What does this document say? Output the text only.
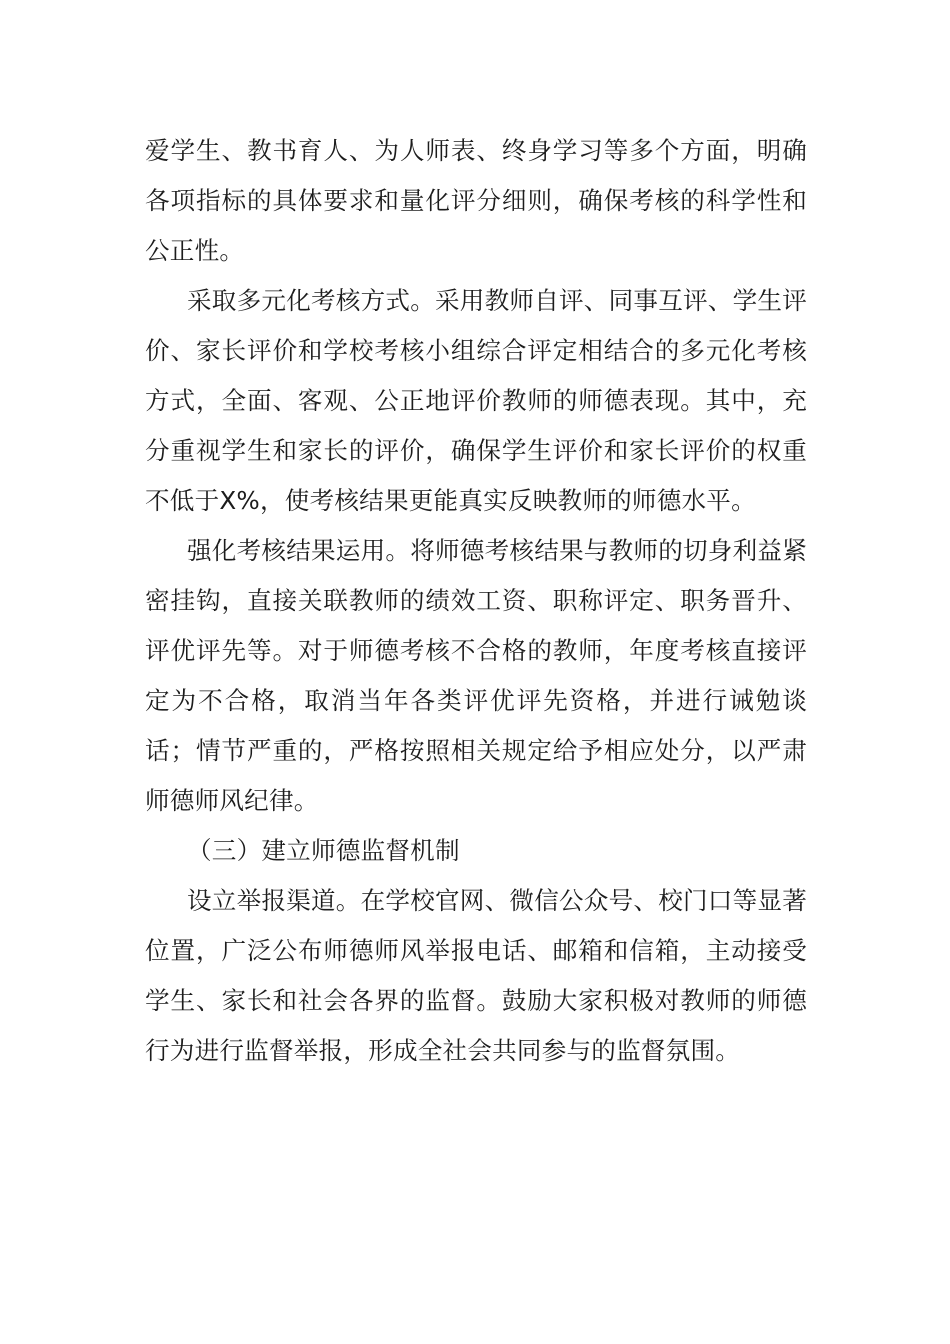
爱学生、教书育人、为人师表、终身学习等多个方面，明确各项指标的具体要求和量化评分细则，确保考核的科学性和公正性。

采取多元化考核方式。采用教师自评、同事互评、学生评价、家长评价和学校考核小组综合评定相结合的多元化考核方式，全面、客观、公正地评价教师的师德表现。其中，充分重视学生和家长的评价，确保学生评价和家长评价的权重不低于X%，使考核结果更能真实反映教师的师德水平。

强化考核结果运用。将师德考核结果与教师的切身利益紧密挂钩，直接关联教师的绩效工资、职称评定、职务晋升、评优评先等。对于师德考核不合格的教师，年度考核直接评定为不合格，取消当年各类评优评先资格，并进行诫勉谈话；情节严重的，严格按照相关规定给予相应处分，以严肃师德师风纪律。

（三）建立师德监督机制

设立举报渠道。在学校官网、微信公众号、校门口等显著位置，广泛公布师德师风举报电话、邮箱和信箱，主动接受学生、家长和社会各界的监督。鼓励大家积极对教师的师德行为进行监督举报，形成全社会共同参与的监督氛围。
